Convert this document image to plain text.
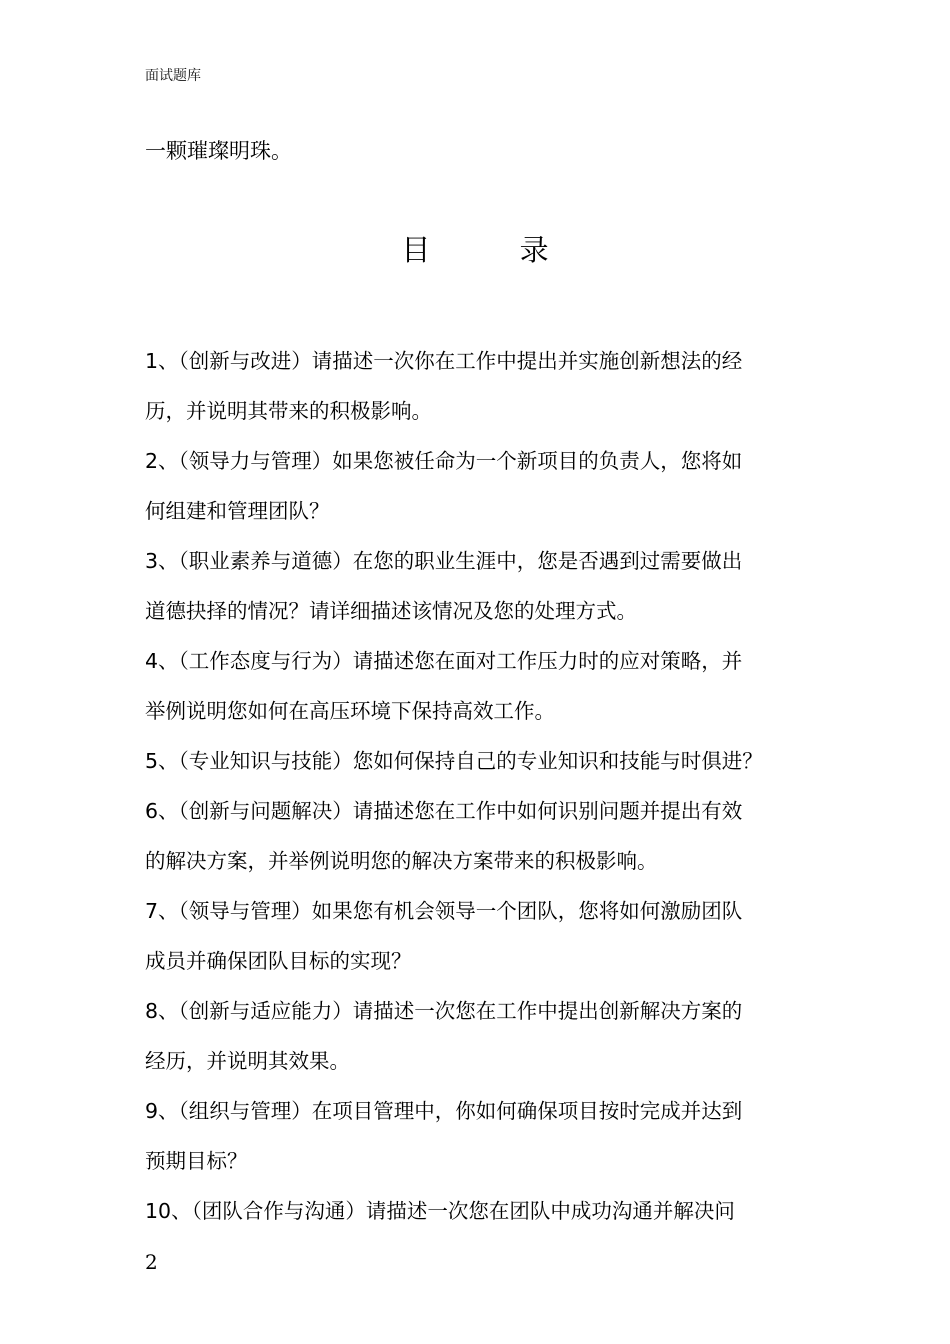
面试题库
一颗璀璨明珠。
目 录
1、（创新与改进）请描述一次你在工作中提出并实施创新想法的经
历，并说明其带来的积极影响。
2、（领导力与管理）如果您被任命为一个新项目的负责人，您将如
何组建和管理团队？
3、（职业素养与道德）在您的职业生涯中，您是否遇到过需要做出
道德抉择的情况？请详细描述该情况及您的处理方式。
4、（工作态度与行为）请描述您在面对工作压力时的应对策略，并
举例说明您如何在高压环境下保持高效工作。
5、（专业知识与技能）您如何保持自己的专业知识和技能与时俱进？
6、（创新与问题解决）请描述您在工作中如何识别问题并提出有效
的解决方案，并举例说明您的解决方案带来的积极影响。
7、（领导与管理）如果您有机会领导一个团队，您将如何激励团队
成员并确保团队目标的实现？
8、（创新与适应能力）请描述一次您在工作中提出创新解决方案的
经历，并说明其效果。
9、（组织与管理）在项目管理中，你如何确保项目按时完成并达到
预期目标？
10、（团队合作与沟通）请描述一次您在团队中成功沟通并解决问
2
